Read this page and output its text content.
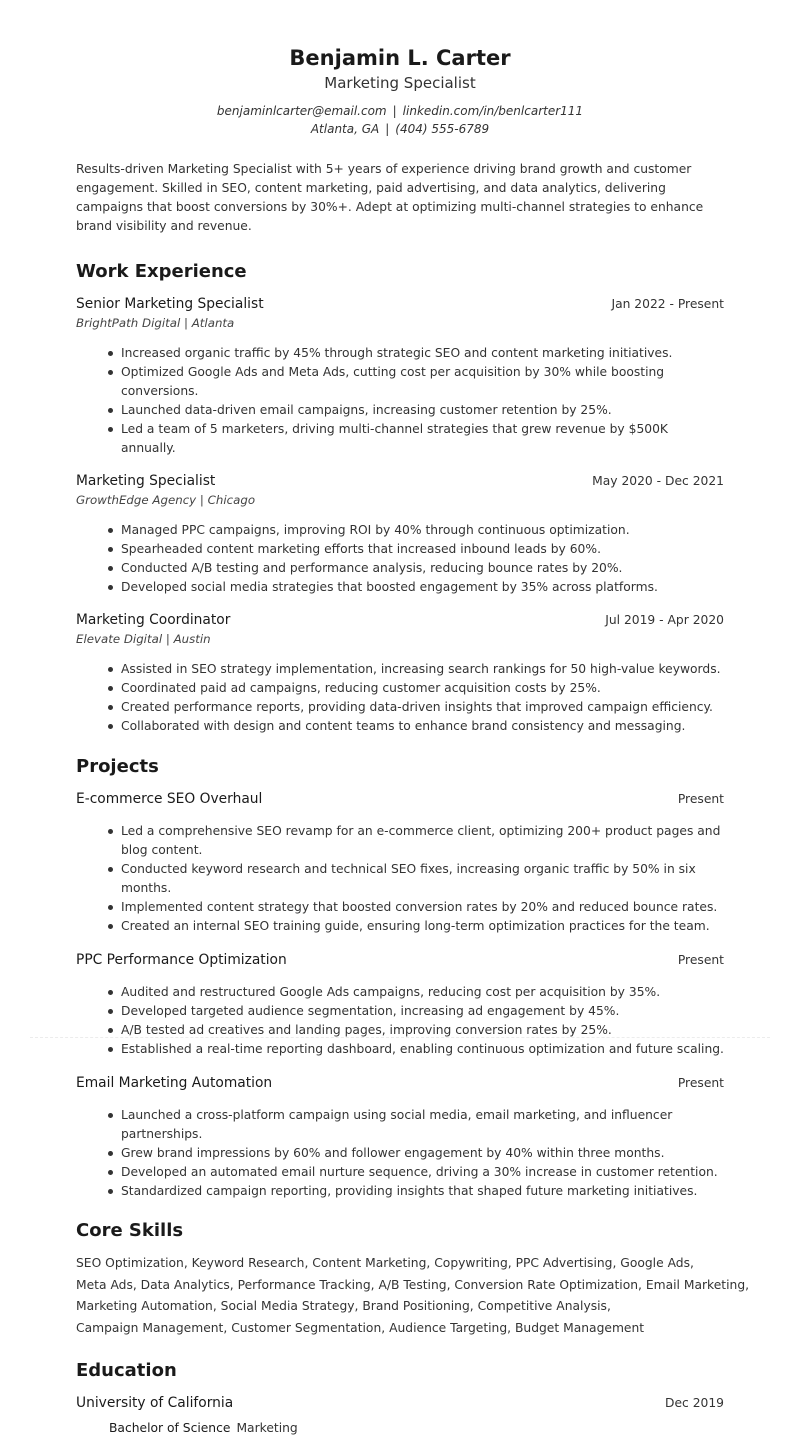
Benjamin L. Carter
Marketing Specialist
benjaminlcarter@email.com | linkedin.com/in/benlcarter111
Atlanta, GA | (404) 555-6789

Results-driven Marketing Specialist with 5+ years of experience driving brand growth and customer engagement. Skilled in SEO, content marketing, paid advertising, and data analytics, delivering campaigns that boost conversions by 30%+. Adept at optimizing multi-channel strategies to enhance brand visibility and revenue.

Work Experience
Senior Marketing Specialist	Jan 2022 - Present
BrightPath Digital | Atlanta
Increased organic traffic by 45% through strategic SEO and content marketing initiatives.
Optimized Google Ads and Meta Ads, cutting cost per acquisition by 30% while boosting conversions.
Launched data-driven email campaigns, increasing customer retention by 25%.
Led a team of 5 marketers, driving multi-channel strategies that grew revenue by $500K annually.
Marketing Specialist	May 2020 - Dec 2021
GrowthEdge Agency | Chicago
Managed PPC campaigns, improving ROI by 40% through continuous optimization.
Spearheaded content marketing efforts that increased inbound leads by 60%.
Conducted A/B testing and performance analysis, reducing bounce rates by 20%.
Developed social media strategies that boosted engagement by 35% across platforms.
Marketing Coordinator	Jul 2019 - Apr 2020
Elevate Digital | Austin
Assisted in SEO strategy implementation, increasing search rankings for 50 high-value keywords.
Coordinated paid ad campaigns, reducing customer acquisition costs by 25%.
Created performance reports, providing data-driven insights that improved campaign efficiency.
Collaborated with design and content teams to enhance brand consistency and messaging.
Projects
E-commerce SEO Overhaul	Present
Led a comprehensive SEO revamp for an e-commerce client, optimizing 200+ product pages and blog content.
Conducted keyword research and technical SEO fixes, increasing organic traffic by 50% in six months.
Implemented content strategy that boosted conversion rates by 20% and reduced bounce rates.
Created an internal SEO training guide, ensuring long-term optimization practices for the team.
PPC Performance Optimization	Present
Audited and restructured Google Ads campaigns, reducing cost per acquisition by 35%.
Developed targeted audience segmentation, increasing ad engagement by 45%.
A/B tested ad creatives and landing pages, improving conversion rates by 25%.
Established a real-time reporting dashboard, enabling continuous optimization and future scaling.
Email Marketing Automation	Present
Launched a cross-platform campaign using social media, email marketing, and influencer partnerships.
Grew brand impressions by 60% and follower engagement by 40% within three months.
Developed an automated email nurture sequence, driving a 30% increase in customer retention.
Standardized campaign reporting, providing insights that shaped future marketing initiatives.
Core Skills
SEO Optimization, Keyword Research, Content Marketing, Copywriting, PPC Advertising, Google Ads,
Meta Ads, Data Analytics, Performance Tracking, A/B Testing, Conversion Rate Optimization, Email Marketing,
Marketing Automation, Social Media Strategy, Brand Positioning, Competitive Analysis,
Campaign Management, Customer Segmentation, Audience Targeting, Budget Management
Education
University of California	Dec 2019
Bachelor of Science Marketing
